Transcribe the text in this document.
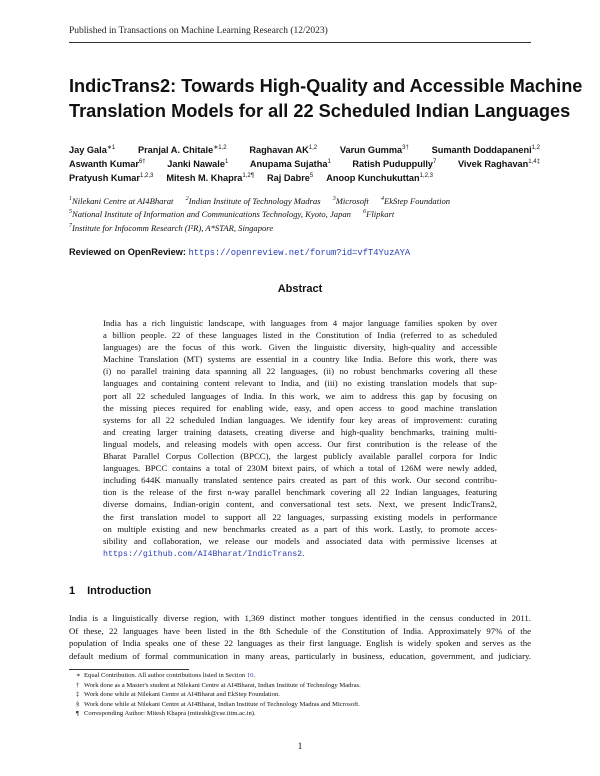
Published in Transactions on Machine Learning Research (12/2023)
IndicTrans2: Towards High-Quality and Accessible Machine
Translation Models for all 22 Scheduled Indian Languages
Jay Gala$^{∗1}$ Pranjal A. Chitale$^{∗1,2}$ Raghavan AK$^{1,2}$ Varun Gumma$^{3\dagger}$ Sumanth Doddapaneni$^{1,2}$
Aswanth Kumar$^{6\dagger}$ Janki Nawale$^1$ Anupama Sujatha$^1$ Ratish Puduppully$^7$ Vivek Raghavan$^{1,4\ddagger}$
Pratyush Kumar$^{1,2,3}$ Mitesh M. Khapra$^{1,2\P}$ Raj Dabre$^5$ Anoop Kunchukuttan$^{1,2,3}$
$^1$Nilekani Centre at AI4Bharat $^2$Indian Institute of Technology Madras $^3$Microsoft $^4$EkStep Foundation
$^5$National Institute of Information and Communications Technology, Kyoto, Japan $^6$Flipkart
$^7$Institute for Infocomm Research (I²R), A*STAR, Singapore
Reviewed on OpenReview: https://openreview.net/forum?id=vfT4YuzAYA
Abstract
India has a rich linguistic landscape, with languages from 4 major language families spoken by over
a billion people. 22 of these languages listed in the Constitution of India (referred to as scheduled
languages) are the focus of this work. Given the linguistic diversity, high-quality and accessible
Machine Translation (MT) systems are essential in a country like India. Before this work, there was
(i) no parallel training data spanning all 22 languages, (ii) no robust benchmarks covering all these
languages and containing content relevant to India, and (iii) no existing translation models that sup-
port all 22 scheduled languages of India. In this work, we aim to address this gap by focusing on
the missing pieces required for enabling wide, easy, and open access to good machine translation
systems for all 22 scheduled Indian languages. We identify four key areas of improvement: curating
and creating larger training datasets, creating diverse and high-quality benchmarks, training multi-
lingual models, and releasing models with open access. Our first contribution is the release of the
Bharat Parallel Corpus Collection (BPCC), the largest publicly available parallel corpora for Indic
languages. BPCC contains a total of 230M bitext pairs, of which a total of 126M were newly added,
including 644K manually translated sentence pairs created as part of this work. Our second contribu-
tion is the release of the first n-way parallel benchmark covering all 22 Indian languages, featuring
diverse domains, Indian-origin content, and conversational test sets. Next, we present IndicTrans2,
the first translation model to support all 22 languages, surpassing existing models in performance
on multiple existing and new benchmarks created as a part of this work. Lastly, to promote acces-
sibility and collaboration, we release our models and associated data with permissive licenses at
https://github.com/AI4Bharat/IndicTrans2.
1 Introduction
India is a linguistically diverse region, with 1,369 distinct mother tongues identified in the census conducted in 2011.
Of these, 22 languages have been listed in the 8th Schedule of the Constitution of India. Approximately 97% of the
population of India speaks one of these 22 languages as their first language. English is widely spoken and serves as the
default medium of formal communication in many areas, particularly in business, education, government, and judiciary.
∗ Equal Contribution. All author contributions listed in Section 10.
† Work done as a Master's student at Nilekani Centre at AI4Bharat, Indian Institute of Technology Madras.
‡ Work done while at Nilekani Centre at AI4Bharat and EkStep Foundation.
§ Work done while at Nilekani Centre at AI4Bharat, Indian Institute of Technology Madras and Microsoft.
¶ Corresponding Author: Mitesh Khapra (miteshk@cse.iitm.ac.in).
1
